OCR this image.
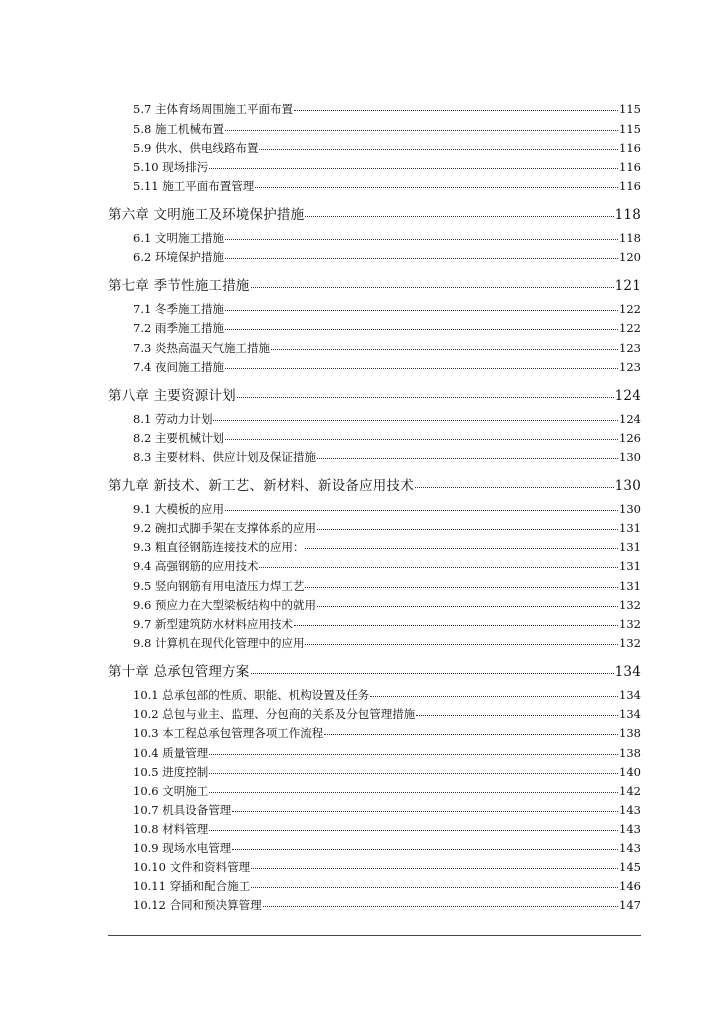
5.7 主体育场周围施工平面布置	115
5.8 施工机械布置	115
5.9 供水、供电线路布置	116
5.10 现场排污	116
5.11 施工平面布置管理	116
第六章 文明施工及环境保护措施	118
6.1 文明施工措施	118
6.2 环境保护措施	120
第七章 季节性施工措施	121
7.1 冬季施工措施	122
7.2 雨季施工措施	122
7.3 炎热高温天气施工措施	123
7.4 夜间施工措施	123
第八章 主要资源计划	124
8.1 劳动力计划	124
8.2 主要机械计划	126
8.3 主要材料、供应计划及保证措施	130
第九章 新技术、新工艺、新材料、新设备应用技术	130
9.1 大模板的应用	130
9.2 碗扣式脚手架在支撑体系的应用	131
9.3 粗直径钢筋连接技术的应用：	131
9.4 高强钢筋的应用技术	131
9.5 竖向钢筋有用电渣压力焊工艺	131
9.6 预应力在大型梁板结构中的就用	132
9.7 新型建筑防水材料应用技术	132
9.8 计算机在现代化管理中的应用	132
第十章 总承包管理方案	134
10.1 总承包部的性质、职能、机构设置及任务	134
10.2 总包与业主、监理、分包商的关系及分包管理措施	134
10.3 本工程总承包管理各项工作流程	138
10.4 质量管理	138
10.5 进度控制	140
10.6 文明施工	142
10.7 机具设备管理	143
10.8 材料管理	143
10.9 现场水电管理	143
10.10 文件和资料管理	145
10.11 穿插和配合施工	146
10.12 合同和预决算管理	147
